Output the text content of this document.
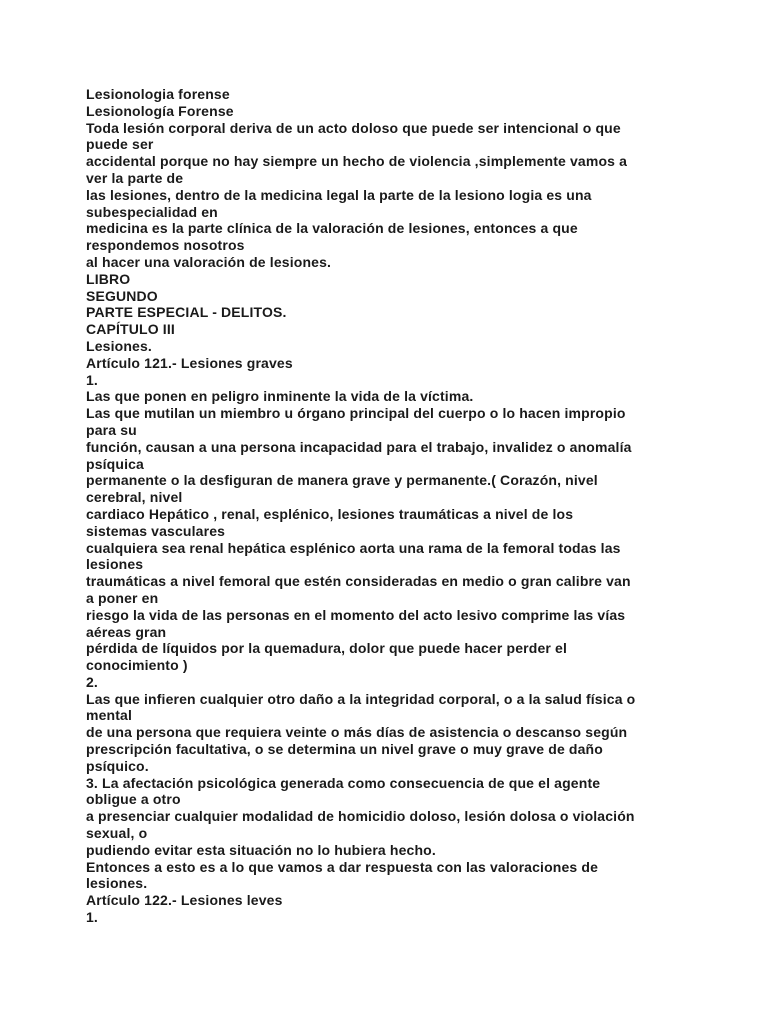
Lesionologia forense
Lesionología Forense
Toda lesión corporal deriva de un acto doloso que puede ser intencional o que
puede ser
accidental porque no hay siempre un hecho de violencia ,simplemente vamos a
ver la parte de
las lesiones, dentro de la medicina legal la parte de la lesiono logia es una
subespecialidad en
medicina es la parte clínica de la valoración de lesiones, entonces a que
respondemos nosotros
al hacer una valoración de lesiones.
LIBRO
SEGUNDO
PARTE ESPECIAL - DELITOS.
CAPÍTULO III
Lesiones.
Artículo 121.- Lesiones graves
1.
Las que ponen en peligro inminente la vida de la víctima.
Las que mutilan un miembro u órgano principal del cuerpo o lo hacen impropio
para su
función, causan a una persona incapacidad para el trabajo, invalidez o anomalía
psíquica
permanente o la desfiguran de manera grave y permanente.( Corazón, nivel
cerebral, nivel
cardiaco Hepático , renal, esplénico, lesiones traumáticas a nivel de los
sistemas vasculares
cualquiera sea renal hepática esplénico aorta una rama de la femoral todas las
lesiones
traumáticas a nivel femoral que estén consideradas en medio o gran calibre van
a poner en
riesgo la vida de las personas en el momento del acto lesivo comprime las vías
aéreas gran
pérdida de líquidos por la quemadura, dolor que puede hacer perder el
conocimiento )
2.
Las que infieren cualquier otro daño a la integridad corporal, o a la salud física o
mental
de una persona que requiera veinte o más días de asistencia o descanso según
prescripción facultativa, o se determina un nivel grave o muy grave de daño
psíquico.
3. La afectación psicológica generada como consecuencia de que el agente
obligue a otro
a presenciar cualquier modalidad de homicidio doloso, lesión dolosa o violación
sexual, o
pudiendo evitar esta situación no lo hubiera hecho.
Entonces a esto es a lo que vamos a dar respuesta con las valoraciones de
lesiones.
Artículo 122.- Lesiones leves
1.
